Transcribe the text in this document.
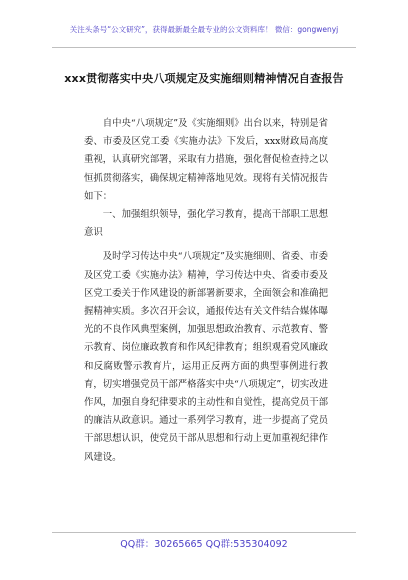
关注头条号“公文研究”，获得最新最全最专业的公文资料库！ 微信：gongwenyj
xxx贯彻落实中央八项规定及实施细则精神情况自查报告

自中央“八项规定”及《实施细则》出台以来，特别是省委、市委及区党工委《实施办法》下发后，xxx财政局高度重视，认真研究部署，采取有力措施，强化督促检查持之以恒抓贯彻落实，确保规定精神落地见效。现将有关情况报告如下：

一、加强组织领导，强化学习教育，提高干部职工思想意识

及时学习传达中央“八项规定”及实施细则、省委、市委及区党工委《实施办法》精神，学习传达中央、省委市委及区党工委关于作风建设的新部署新要求，全面领会和准确把握精神实质。多次召开会议，通报传达有关文件结合媒体曝光的不良作风典型案例，加强思想政治教育、示范教育、警示教育、岗位廉政教育和作风纪律教育；组织观看党风廉政和反腐败警示教育片，运用正反两方面的典型事例进行教育，切实增强党员干部严格落实中央“八项规定”，切实改进作风，加强自身纪律要求的主动性和自觉性，提高党员干部的廉洁从政意识。通过一系列学习教育，进一步提高了党员干部思想认识，使党员干部从思想和行动上更加重视纪律作风建设。

QQ群：30265665 QQ群:535304092
